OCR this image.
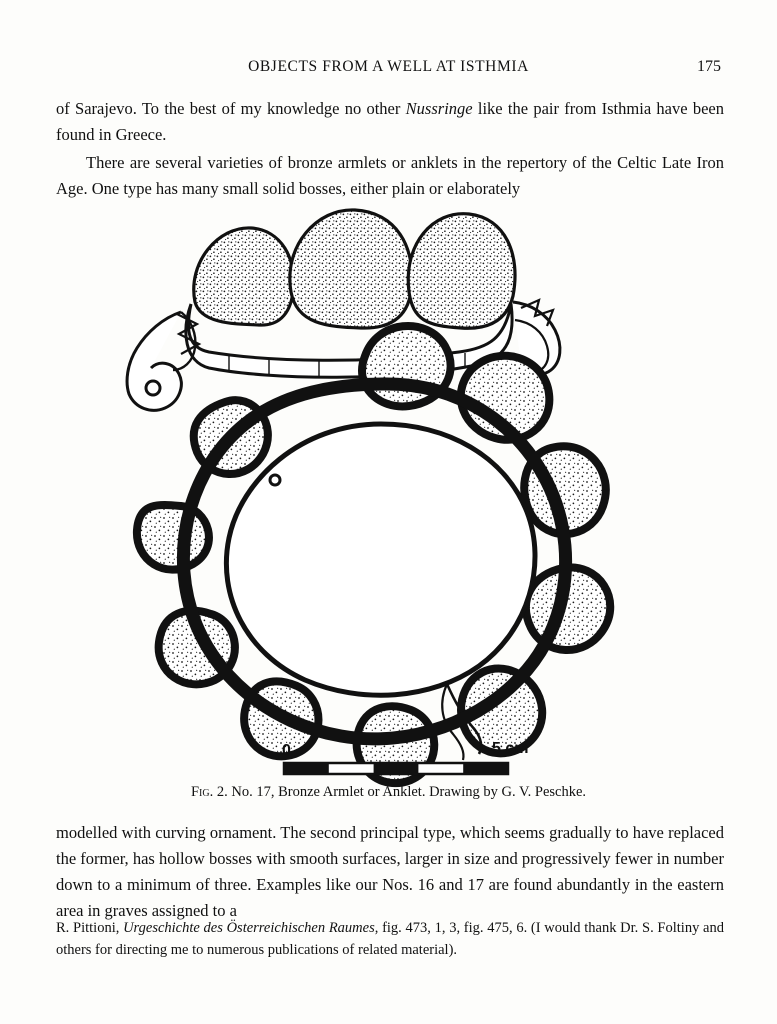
OBJECTS FROM A WELL AT ISTHMIA	175

of Sarajevo. To the best of my knowledge no other Nussringe like the pair from Isthmia have been found in Greece.

There are several varieties of bronze armlets or anklets in the repertory of the Celtic Late Iron Age. One type has many small solid bosses, either plain or elaborately

0	5 cm
Fig. 2. No. 17, Bronze Armlet or Anklet. Drawing by G. V. Peschke.

modelled with curving ornament. The second principal type, which seems gradually to have replaced the former, has hollow bosses with smooth surfaces, larger in size and progressively fewer in number down to a minimum of three. Examples like our Nos. 16 and 17 are found abundantly in the eastern area in graves assigned to a

R. Pittioni, Urgeschichte des Österreichischen Raumes, fig. 473, 1, 3, fig. 475, 6. (I would thank Dr. S. Foltiny and others for directing me to numerous publications of related material).
